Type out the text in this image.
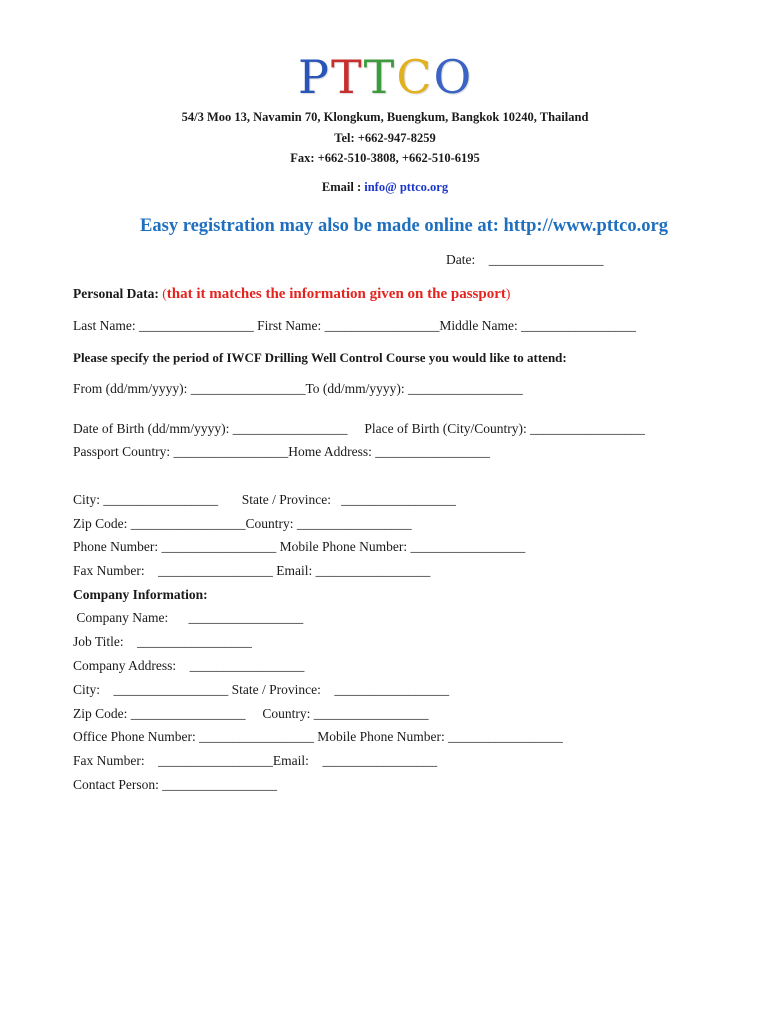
PTTCO
54/3 Moo 13, Navamin 70, Klongkum, Buengkum, Bangkok 10240, Thailand
Tel: +662-947-8259
Fax: +662-510-3808, +662-510-6195
Email : info@ pttco.org
Easy registration may also be made online at: http://www.pttco.org
Date:    _________________
Personal Data: (that it matches the information given on the passport)
Last Name: _________________ First Name: _________________Middle Name: _________________
Please specify the period of IWCF Drilling Well Control Course you would like to attend:
From (dd/mm/yyyy): _________________To (dd/mm/yyyy): _________________
Date of Birth (dd/mm/yyyy): _________________     Place of Birth (City/Country): _________________
Passport Country: _________________Home Address: _________________
City: _________________       State / Province:   _________________
Zip Code: _________________Country: _________________
Phone Number: _________________ Mobile Phone Number: _________________
Fax Number:    _________________ Email: _________________
Company Information:
Company Name:      _________________
Job Title:    _________________
Company Address:    _________________
City:    _________________ State / Province:    _________________
Zip Code: _________________     Country: _________________
Office Phone Number: _________________ Mobile Phone Number: _________________
Fax Number:    _________________Email:    _________________
Contact Person: _________________
